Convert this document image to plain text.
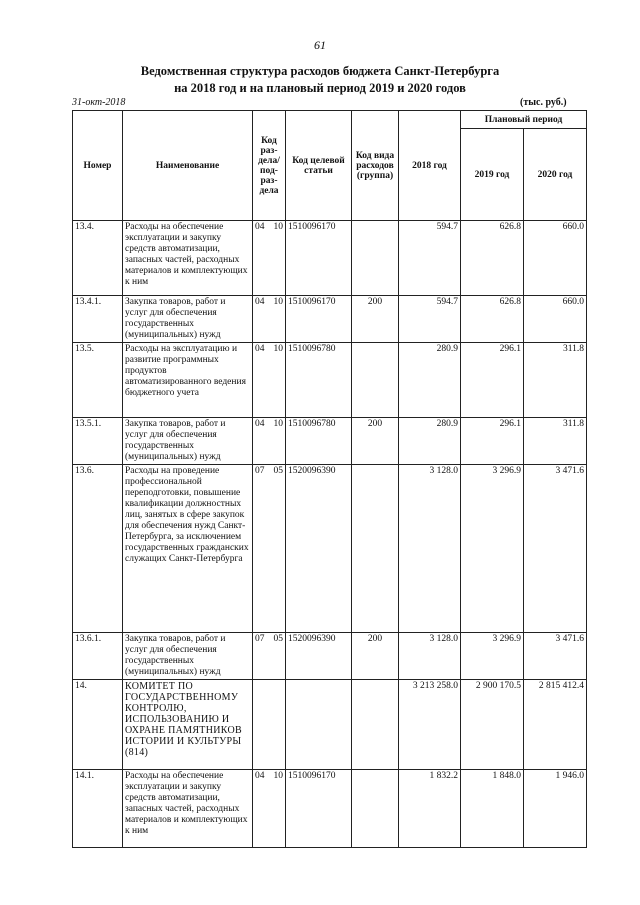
61
Ведомственная структура расходов бюджета Санкт-Петербурга
на 2018 год и на плановый период 2019 и 2020 годов
31-окт-2018	(тыс. руб.)
Номер	Наименование	Код раз-дела/ под-раз-дела	Код целевой статьи	Код вида расходов (группа)	2018 год	Плановый период	
						2019 год	2020 год
13.4.	Расходы на обеспечение эксплуатации и закупку средств автоматизации, запасных частей, расходных материалов и комплектующих к ним	04 10	1510096170		594.7	626.8	660.0
13.4.1.	Закупка товаров, работ и услуг для обеспечения государственных (муниципальных) нужд	04 10	1510096170	200	594.7	626.8	660.0
13.5.	Расходы на эксплуатацию и развитие программных продуктов автоматизированного ведения бюджетного учета	04 10	1510096780		280.9	296.1	311.8
13.5.1.	Закупка товаров, работ и услуг для обеспечения государственных (муниципальных) нужд	04 10	1510096780	200	280.9	296.1	311.8
13.6.	Расходы на проведение профессиональной переподготовки, повышение квалификации должностных лиц, занятых в сфере закупок для обеспечения нужд Санкт-Петербурга, за исключением государственных гражданских служащих Санкт-Петербурга	07 05	1520096390		3 128.0	3 296.9	3 471.6
13.6.1.	Закупка товаров, работ и услуг для обеспечения государственных (муниципальных) нужд	07 05	1520096390	200	3 128.0	3 296.9	3 471.6
14.	КОМИТЕТ ПО ГОСУДАРСТВЕННОМУ КОНТРОЛЮ, ИСПОЛЬЗОВАНИЮ И ОХРАНЕ ПАМЯТНИКОВ ИСТОРИИ И КУЛЬТУРЫ (814)				3 213 258.0	2 900 170.5	2 815 412.4
14.1.	Расходы на обеспечение эксплуатации и закупку средств автоматизации, запасных частей, расходных материалов и комплектующих к ним	04 10	1510096170		1 832.2	1 848.0	1 946.0
